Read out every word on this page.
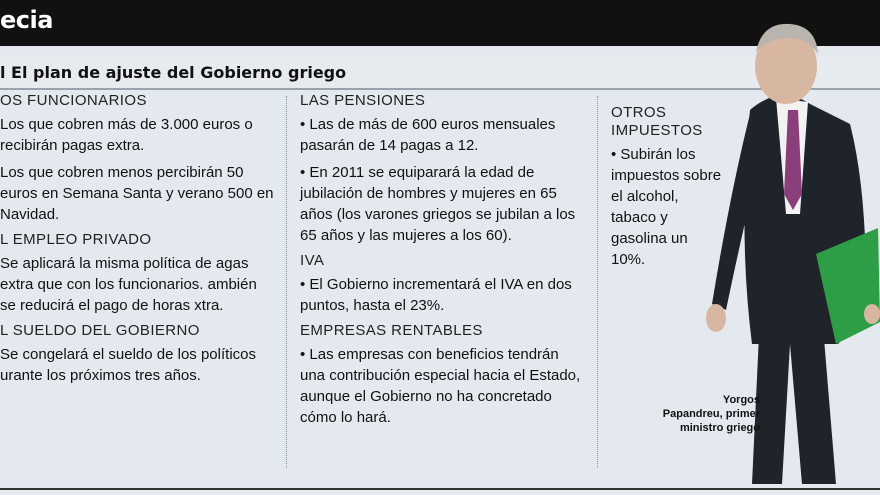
ecia
l El plan de ajuste del Gobierno griego
OS FUNCIONARIOS
Los que cobren más de 3.000 euros o recibirán pagas extra.
Los que cobren menos percibirán 50 euros en Semana Santa y verano 500 en Navidad.
L EMPLEO PRIVADO
Se aplicará la misma política de agas extra que con los funcionarios. ambién se reducirá el pago de horas xtra.
L SUELDO DEL GOBIERNO
Se congelará el sueldo de los políticos urante los próximos tres años.
LAS PENSIONES
• Las de más de 600 euros mensuales pasarán de 14 pagas a 12.
• En 2011 se equiparará la edad de jubilación de hombres y mujeres en 65 años (los varones griegos se jubilan a los 65 años y las mujeres a los 60).
IVA
• El Gobierno incrementará el IVA en dos puntos, hasta el 23%.
EMPRESAS RENTABLES
• Las empresas con beneficios tendrán una contribución especial hacia el Estado, aunque el Gobierno no ha concretado cómo lo hará.
OTROS IMPUESTOS
• Subirán los impuestos sobre el alcohol, tabaco y gasolina un 10%.
Yorgos Papandreu, primer ministro griego
